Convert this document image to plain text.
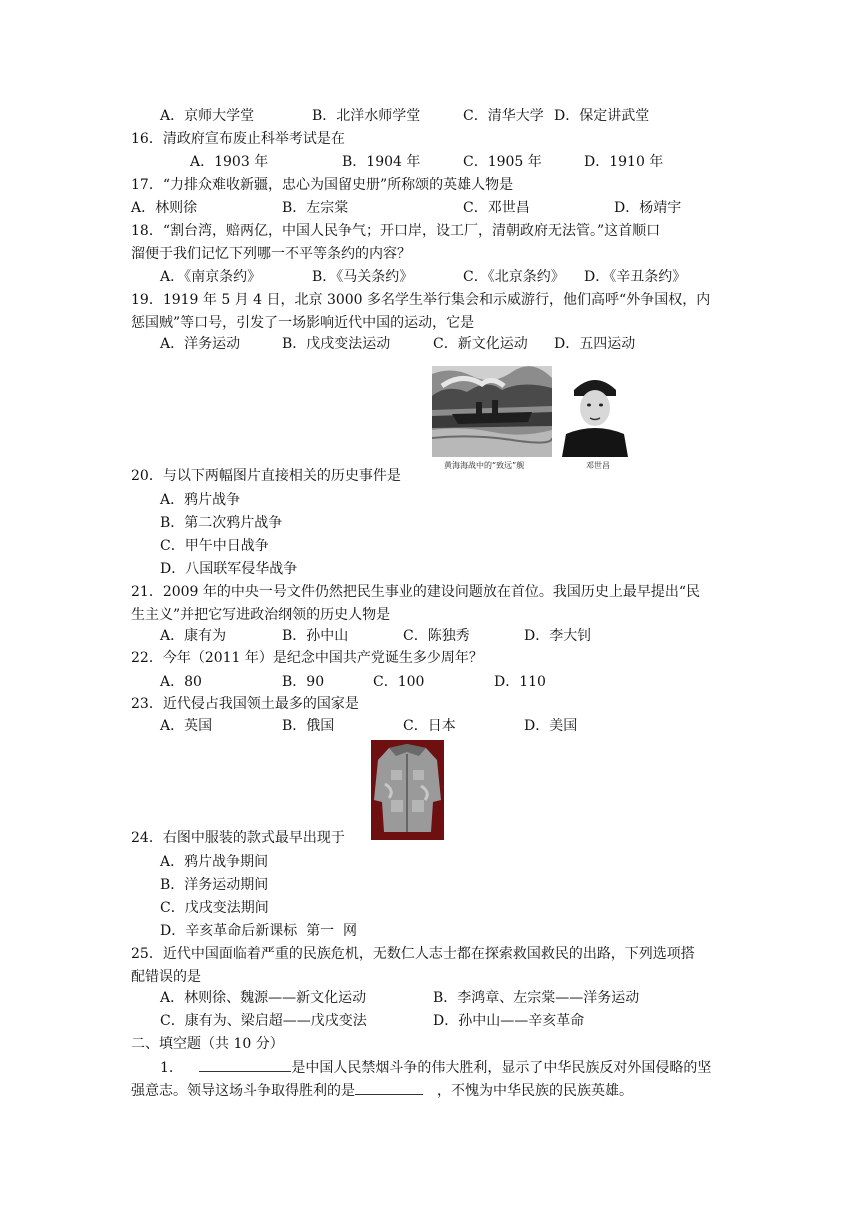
A．京师大学堂	B．北洋水师学堂	C．清华大学 D．保定讲武堂
16．清政府宣布废止科举考试是在
A．1903 年	B．1904 年	C．1905 年	D．1910 年
17．“力排众难收新疆，忠心为国留史册”所称颂的英雄人物是
A．林则徐	B．左宗棠	C．邓世昌	D．杨靖宇
18．“割台湾，赔两亿，中国人民争气；开口岸，设工厂，清朝政府无法管。”这首顺口
溜便于我们记忆下列哪一不平等条约的内容？
A．《南京条约》	B．《马关条约》	C．《北京条约》 D．《辛丑条约》
19．1919 年 5 月 4 日，北京 3000 多名学生举行集会和示威游行，他们高呼“外争国权，内
惩国贼”等口号，引发了一场影响近代中国的运动，它是
A．洋务运动	B．戊戌变法运动	C．新文化运动 D．五四运动
黄海海战中的“致远”舰	邓世昌
20．与以下两幅图片直接相关的历史事件是
A．鸦片战争
B．第二次鸦片战争
C．甲午中日战争
D．八国联军侵华战争
21．2009 年的中央一号文件仍然把民生事业的建设问题放在首位。我国历史上最早提出“民
生主义”并把它写进政治纲领的历史人物是
A．康有为	B．孙中山	C．陈独秀	D．李大钊
22．今年（2011 年）是纪念中国共产党诞生多少周年？
A．80	B．90	C．100	D．110
23．近代侵占我国领土最多的国家是
A．英国	B．俄国	C．日本	D．美国
24．右图中服装的款式最早出现于
A．鸦片战争期间
B．洋务运动期间
C．戊戌变法期间
D．辛亥革命后新课标  第一  网
25．近代中国面临着严重的民族危机，无数仁人志士都在探索救国救民的出路，下列选项搭
配错误的是
A．林则徐、魏源——新文化运动	B．李鸿章、左宗棠——洋务运动
C．康有为、梁启超——戊戌变法	D．孙中山——辛亥革命
二、填空题（共 10 分）
1.	是中国人民禁烟斗争的伟大胜利，显示了中华民族反对外国侵略的坚
强意志。领导这场斗争取得胜利的是	，不愧为中华民族的民族英雄。
